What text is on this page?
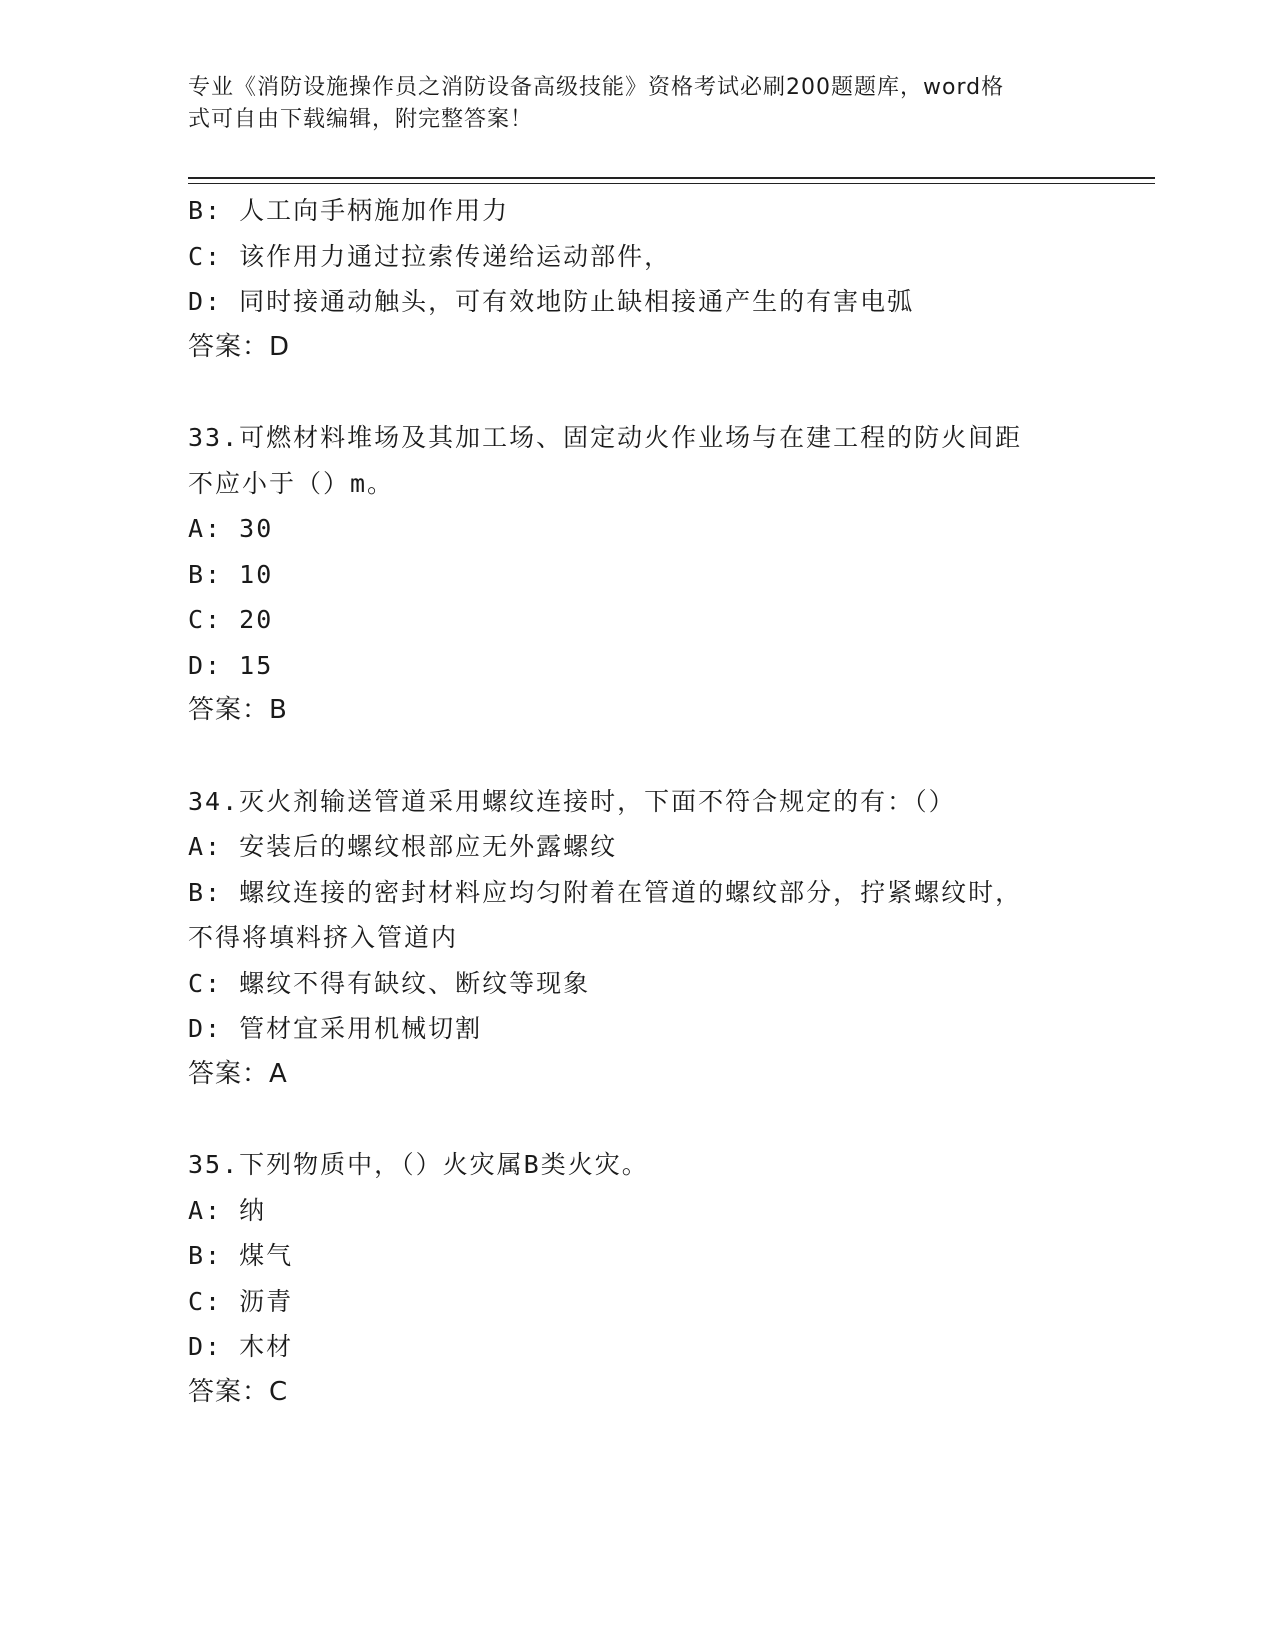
专业《消防设施操作员之消防设备高级技能》资格考试必刷200题题库，word格
式可自由下载编辑，附完整答案！
B: 人工向手柄施加作用力
C: 该作用力通过拉索传递给运动部件，
D: 同时接通动触头，可有效地防止缺相接通产生的有害电弧
答案：D
33.可燃材料堆场及其加工场、固定动火作业场与在建工程的防火间距
不应小于（）m。
A: 30
B: 10
C: 20
D: 15
答案：B
34.灭火剂输送管道采用螺纹连接时，下面不符合规定的有：（）
A: 安装后的螺纹根部应无外露螺纹
B: 螺纹连接的密封材料应均匀附着在管道的螺纹部分，拧紧螺纹时，
不得将填料挤入管道内
C: 螺纹不得有缺纹、断纹等现象
D: 管材宜采用机械切割
答案：A
35.下列物质中，（）火灾属B类火灾。
A: 纳
B: 煤气
C: 沥青
D: 木材
答案：C
